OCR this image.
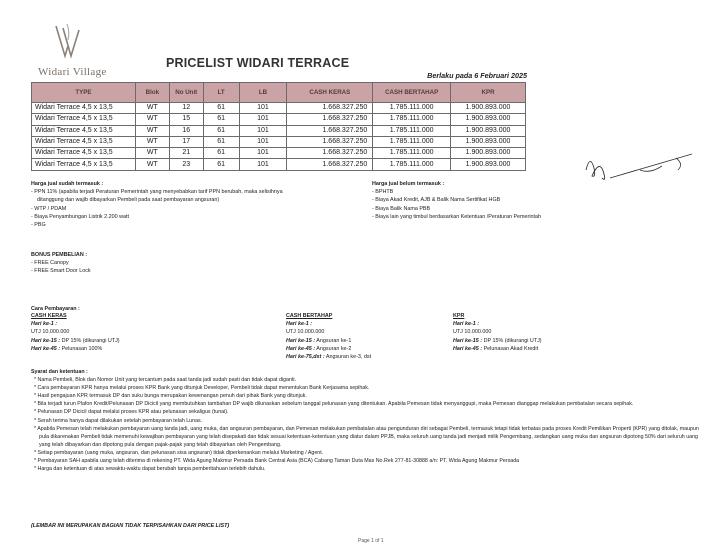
Widari Village
PRICELIST WIDARI TERRACE
Berlaku pada 6 Februari 2025
TYPE	Blok	No Unit	LT	LB	CASH KERAS	CASH BERTAHAP	KPR
Widari Terrace 4,5 x 13,5	WT	12	61	101	1.668.327.250	1.785.111.000	1.900.893.000
Widari Terrace 4,5 x 13,5	WT	15	61	101	1.668.327.250	1.785.111.000	1.900.893.000
Widari Terrace 4,5 x 13,5	WT	16	61	101	1.668.327.250	1.785.111.000	1.900.893.000
Widari Terrace 4,5 x 13,5	WT	17	61	101	1.668.327.250	1.785.111.000	1.900.893.000
Widari Terrace 4,5 x 13,5	WT	21	61	101	1.668.327.250	1.785.111.000	1.900.893.000
Widari Terrace 4,5 x 13,5	WT	23	61	101	1.668.327.250	1.785.111.000	1.900.893.000
Harga jual sudah termasuk :
- PPN 11% (apabila terjadi Peraturan Pemerintah yang menyebabkan tarif PPN berubah, maka selisihnya
ditanggung dan wajib dibayarkan Pembeli pada saat pembayaran angsuran)
- WTP / PDAM
- Biaya Penyambungan Listrik 2.200 watt
- PBG
Harga jual belum termasuk :
- BPHTB
- Biaya Akad Kredit, AJB & Balik Nama Sertifikat HGB
- Biaya Balik Nama PBB
- Biaya lain yang timbul berdasarkan Ketentuan /Peraturan Pemerintah
BONUS PEMBELIAN :
- FREE Canopy
- FREE Smart Door Lock
Cara Pembayaran :
CASH KERAS
Hari ke-1 :
UTJ 10.000.000
Hari ke-15 : DP 15% (dikurangi UTJ)
Hari ke-45 : Pelunasan 100%
CASH BERTAHAP
Hari ke-1 :
UTJ 10.000.000
Hari ke-15 : Angsuran ke-1
Hari ke-45 : Angsuran ke-2
Hari ke-75,dst : Angsuran ke-3, dst
KPR
Hari ke-1 :
UTJ 10.000.000
Hari ke-15 : DP 15% (dikurangi UTJ)
Hari ke-45 : Pelunasan Akad Kredit
Syarat dan ketentuan :
* Nama Pembeli, Blok dan Nomor Unit yang tercantum pada saat tanda jadi sudah pasti dan tidak dapat diganti.
* Cara pembayaran KPR hanya melalui proses KPR Bank yang ditunjuk Developer, Pembeli tidak dapat menentukan Bank Kerjasama sepihak.
* Hasil pengajuan KPR termasuk DP dan suku bunga merupakan kewenangan penuh dari pihak Bank yang ditunjuk.
* Bila terjadi turun Plafon Kredit/Pelunasan DP Dicicil yang membutuhkan tambahan DP wajib dilunaskan sebelum tanggal pelunasan yang ditentukan. Apabila Pemesan tidak menyanggupi, maka Pemesan dianggap melakukan pembatalan secara sepihak.
* Pelunasan DP Dicicil dapat melalui proses KPR atau pelunasan sekaligus (tunai).
* Serah terima hanya dapat dilakukan setelah pembayaran telah Lunas.
* Apabila Pemesan telah melakukan pembayaran uang tanda jadi, uang muka, dan angsuran pembayaran, dan Pemesan melakukan pembatalan atau pengunduran diri sebagai Pembeli, termasuk tetapi tidak terbatas pada proses Kredit Pemilikan Properti (KPR) yang ditolak, maupun pula dikarenakan Pembeli tidak memenuhi kewajiban pembayaran yang telah disepakati dan tidak sesuai ketentuan-ketentuan yang diatur dalam PPJB, maka seluruh uang tanda jadi menjadi milik Pengembang, sedangkan uang muka dan angsuran dipotong 50% dari seluruh uang yang telah dibayarkan dan dipotong pula dengan pajak-pajak yang telah dibayarkan oleh Pengembang.
* Setiap pembayaran (uang muka, angsuran, dan pelunasan sisa angsuran) tidak diperkenankan melalui Marketing / Agent.
* Pembayaran SAH apabila uang telah diterima di rekening PT. Wida Agung Makmur Persada Bank Central Asia (BCA) Cabang Taman Duta Mas No.Rek 277-81-30888 a/n: PT. Wida Agung Makmur Persada
* Harga dan ketentuan di atas sewaktu-waktu dapat berubah tanpa pemberitahuan terlebih dahulu.
(LEMBAR INI MERUPAKAN BAGIAN TIDAK TERPISAHKAN DARI PRICE LIST)
Page 1 of 1
